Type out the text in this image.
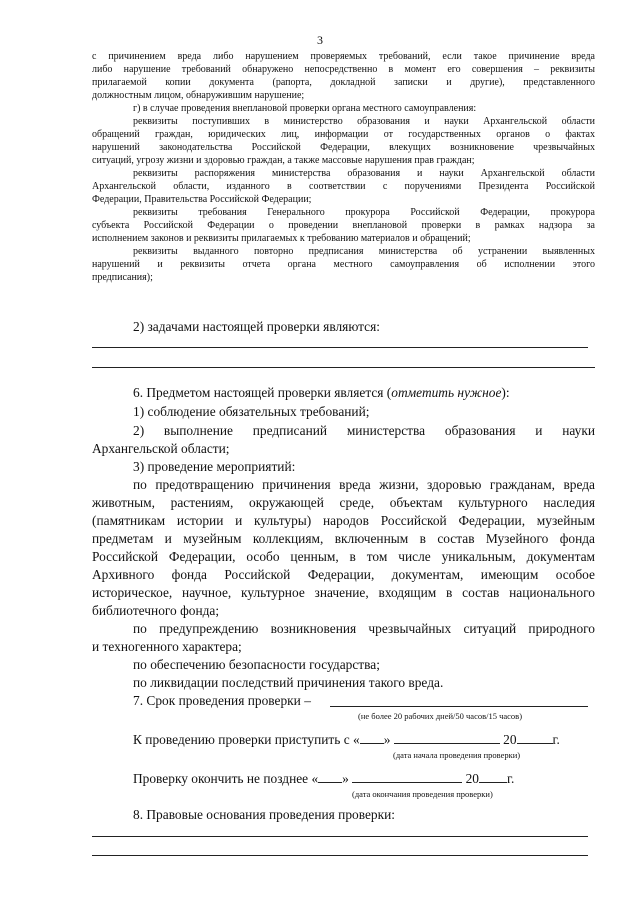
3
с причинением вреда либо нарушением проверяемых требований, если такое причинение вреда
либо нарушение требований обнаружено непосредственно в момент его совершения – реквизиты
прилагаемой копии документа (рапорта, докладной записки и другие), представленного
должностным лицом, обнаружившим нарушение;
г) в случае проведения внеплановой проверки органа местного самоуправления:
реквизиты поступивших в министерство образования и науки Архангельской области
обращений граждан, юридических лиц, информации от государственных органов о фактах
нарушений законодательства Российской Федерации, влекущих возникновение чрезвычайных
ситуаций, угрозу жизни и здоровью граждан, а также массовые нарушения прав граждан;
реквизиты распоряжения министерства образования и науки Архангельской области
Архангельской области, изданного в соответствии с поручениями Президента Российской
Федерации, Правительства Российской Федерации;
реквизиты требования Генерального прокурора Российской Федерации, прокурора
субъекта Российской Федерации о проведении внеплановой проверки в рамках надзора за
исполнением законов и реквизиты прилагаемых к требованию материалов и обращений;
реквизиты выданного повторно предписания министерства об устранении выявленных
нарушений и реквизиты отчета органа местного самоуправления об исполнении этого
предписания);
2) задачами настоящей проверки являются:
6. Предметом настоящей проверки является (отметить нужное):
1) соблюдение обязательных требований;
2) выполнение предписаний министерства образования и науки
Архангельской области;
3) проведение мероприятий:
по предотвращению причинения вреда жизни, здоровью гражданам, вреда
животным, растениям, окружающей среде, объектам культурного наследия
(памятникам истории и культуры) народов Российской Федерации, музейным
предметам и музейным коллекциям, включенным в состав Музейного фонда
Российской Федерации, особо ценным, в том числе уникальным, документам
Архивного фонда Российской Федерации, документам, имеющим особое
историческое, научное, культурное значение, входящим в состав национального
библиотечного фонда;
по предупреждению возникновения чрезвычайных ситуаций природного
и техногенного характера;
по обеспечению безопасности государства;
по ликвидации последствий причинения такого вреда.
7. Срок проведения проверки –
(не более 20 рабочих дней/50 часов/15 часов)
К проведению проверки приступить с « »	20	г.
(дата начала проведения проверки)
Проверку окончить не позднее « »	20 г.
(дата окончания проведения проверки)
8. Правовые основания проведения проверки:
